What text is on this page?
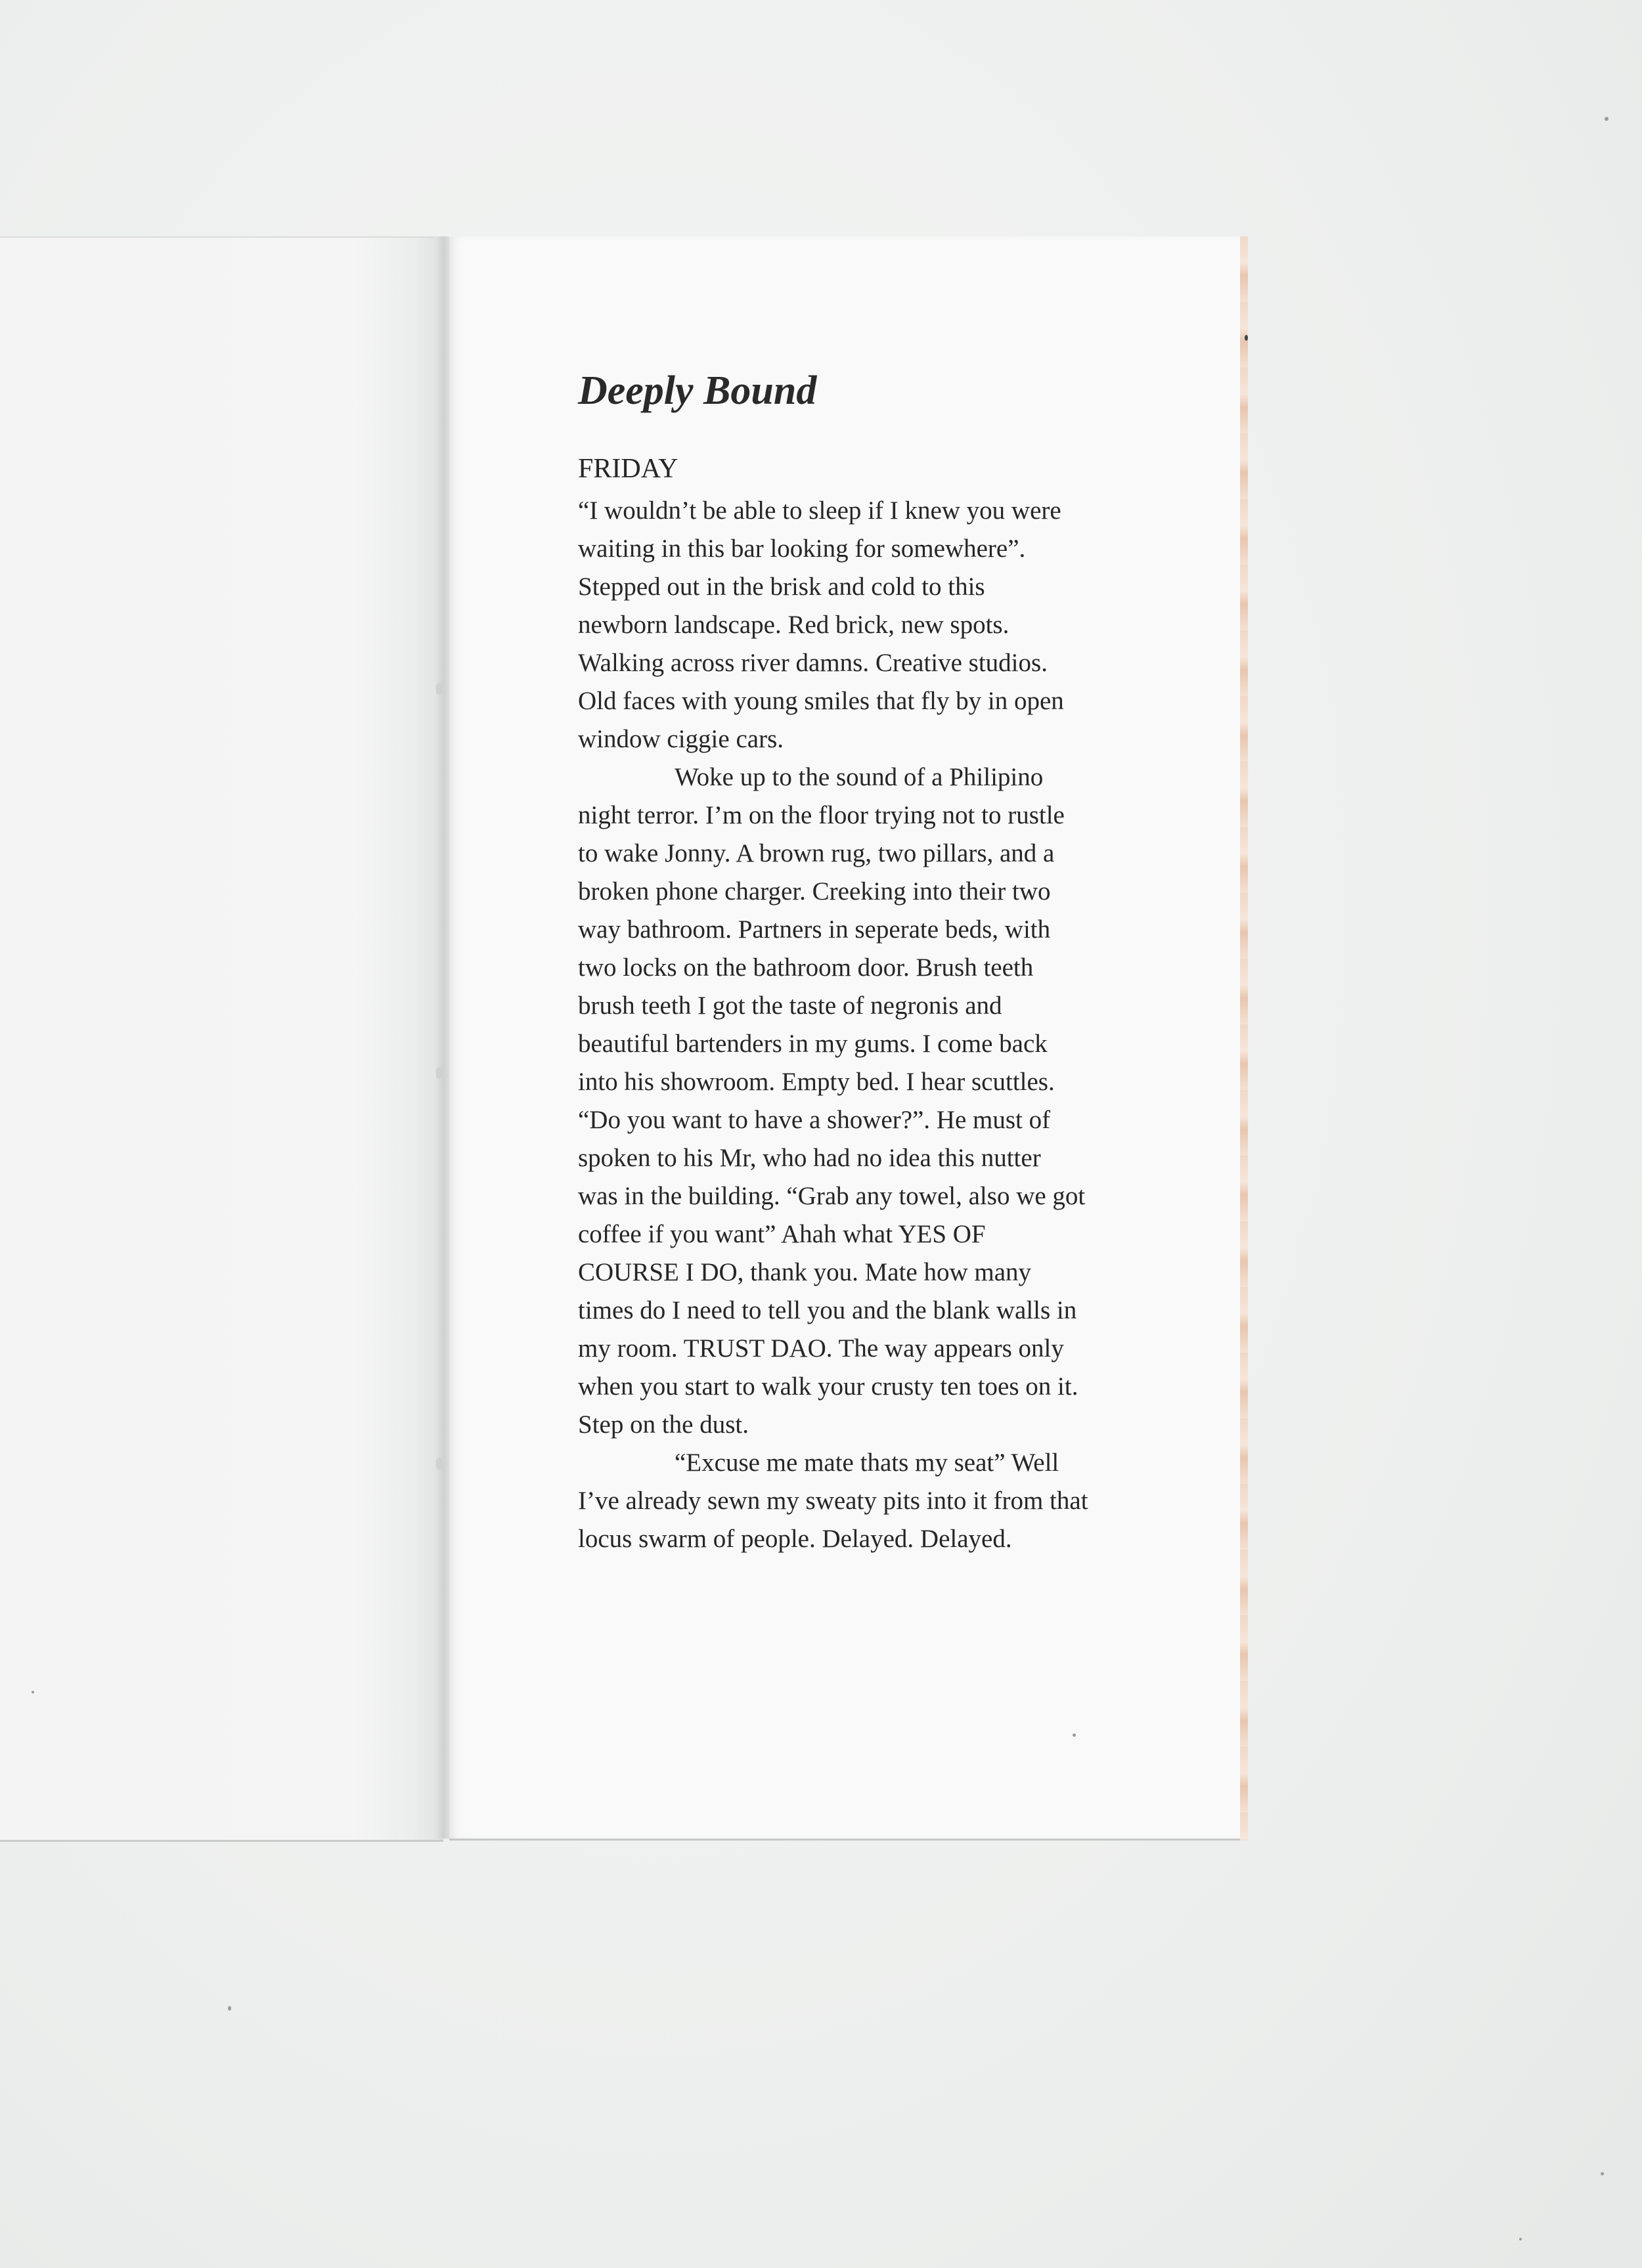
Deeply Bound
FRIDAY

“I wouldn’t be able to sleep if I knew you were
waiting in this bar looking for somewhere”.
Stepped out in the brisk and cold to this
newborn landscape. Red brick, new spots.
Walking across river damns. Creative studios.
Old faces with young smiles that fly by in open
window ciggie cars.

Woke up to the sound of a Philipino
night terror. I’m on the floor trying not to rustle
to wake Jonny. A brown rug, two pillars, and a
broken phone charger. Creeking into their two
way bathroom. Partners in seperate beds, with
two locks on the bathroom door. Brush teeth
brush teeth I got the taste of negronis and
beautiful bartenders in my gums. I come back
into his showroom. Empty bed. I hear scuttles.
“Do you want to have a shower?”. He must of
spoken to his Mr, who had no idea this nutter
was in the building. “Grab any towel, also we got
coffee if you want” Ahah what YES OF
COURSE I DO, thank you. Mate how many
times do I need to tell you and the blank walls in
my room. TRUST DAO. The way appears only
when you start to walk your crusty ten toes on it.
Step on the dust.

“Excuse me mate thats my seat” Well
I’ve already sewn my sweaty pits into it from that
locus swarm of people. Delayed. Delayed.
